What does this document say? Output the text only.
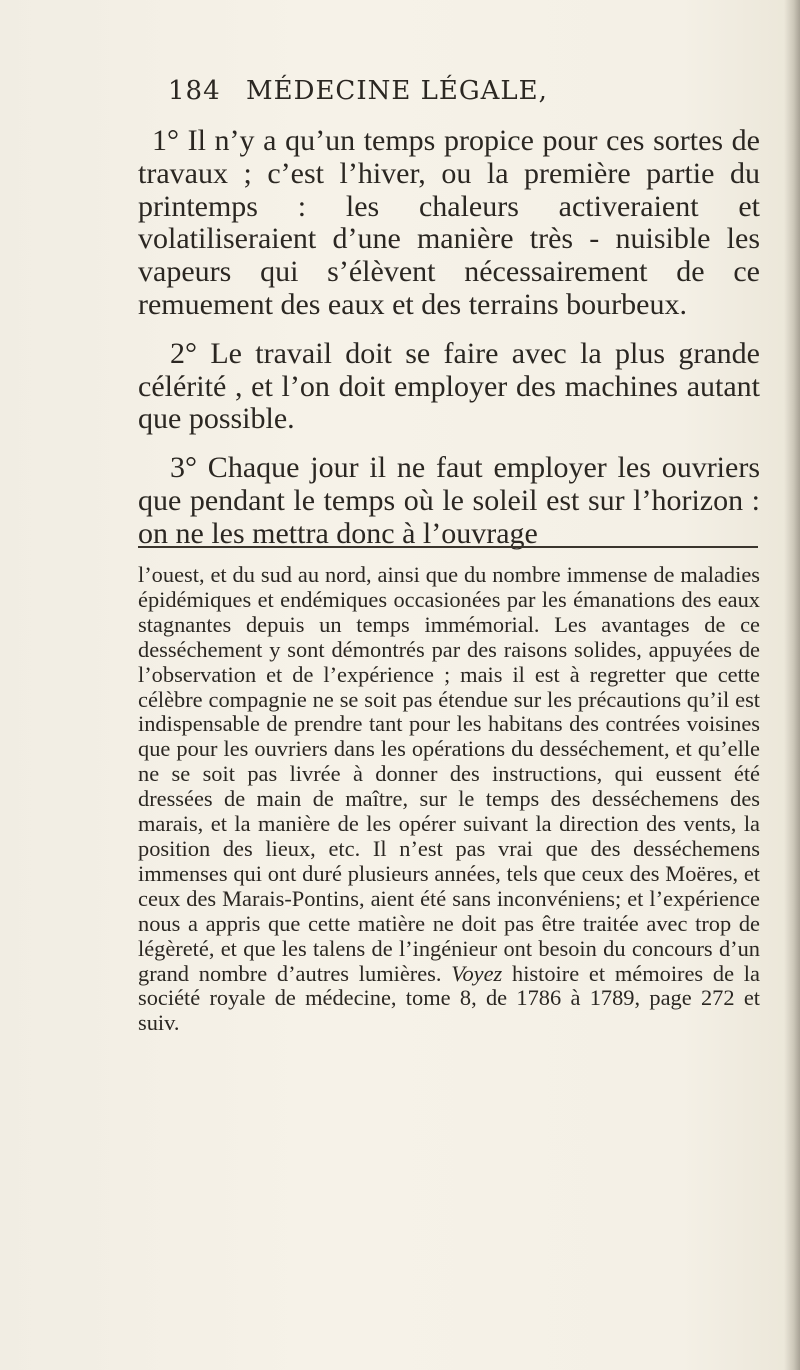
184 MÉDECINE LÉGALE,

1° Il n’y a qu’un temps propice pour ces sortes de travaux ; c’est l’hiver, ou la première partie du printemps : les chaleurs activeraient et volatiliseraient d’une manière très - nuisible les vapeurs qui s’élèvent nécessairement de ce remuement des eaux et des terrains bourbeux.

2° Le travail doit se faire avec la plus grande célérité , et l’on doit employer des machines autant que possible.

3° Chaque jour il ne faut employer les ouvriers que pendant le temps où le soleil est sur l’horizon : on ne les mettra donc à l’ouvrage

l’ouest, et du sud au nord, ainsi que du nombre immense de maladies épidémiques et endémiques occasionées par les émanations des eaux stagnantes depuis un temps immémorial. Les avantages de ce desséchement y sont démontrés par des raisons solides, appuyées de l’observation et de l’expérience ; mais il est à regretter que cette célèbre compagnie ne se soit pas étendue sur les précautions qu’il est indispensable de prendre tant pour les habitans des contrées voisines que pour les ouvriers dans les opérations du desséchement, et qu’elle ne se soit pas livrée à donner des instructions, qui eussent été dressées de main de maître, sur le temps des desséchemens des marais, et la manière de les opérer suivant la direction des vents, la position des lieux, etc. Il n’est pas vrai que des desséchemens immenses qui ont duré plusieurs années, tels que ceux des Moëres, et ceux des Marais-Pontins, aient été sans inconvéniens; et l’expérience nous a appris que cette matière ne doit pas être traitée avec trop de légèreté, et que les talens de l’ingénieur ont besoin du concours d’un grand nombre d’autres lumières. Voyez histoire et mémoires de la société royale de médecine, tome 8, de 1786 à 1789, page 272 et suiv.
